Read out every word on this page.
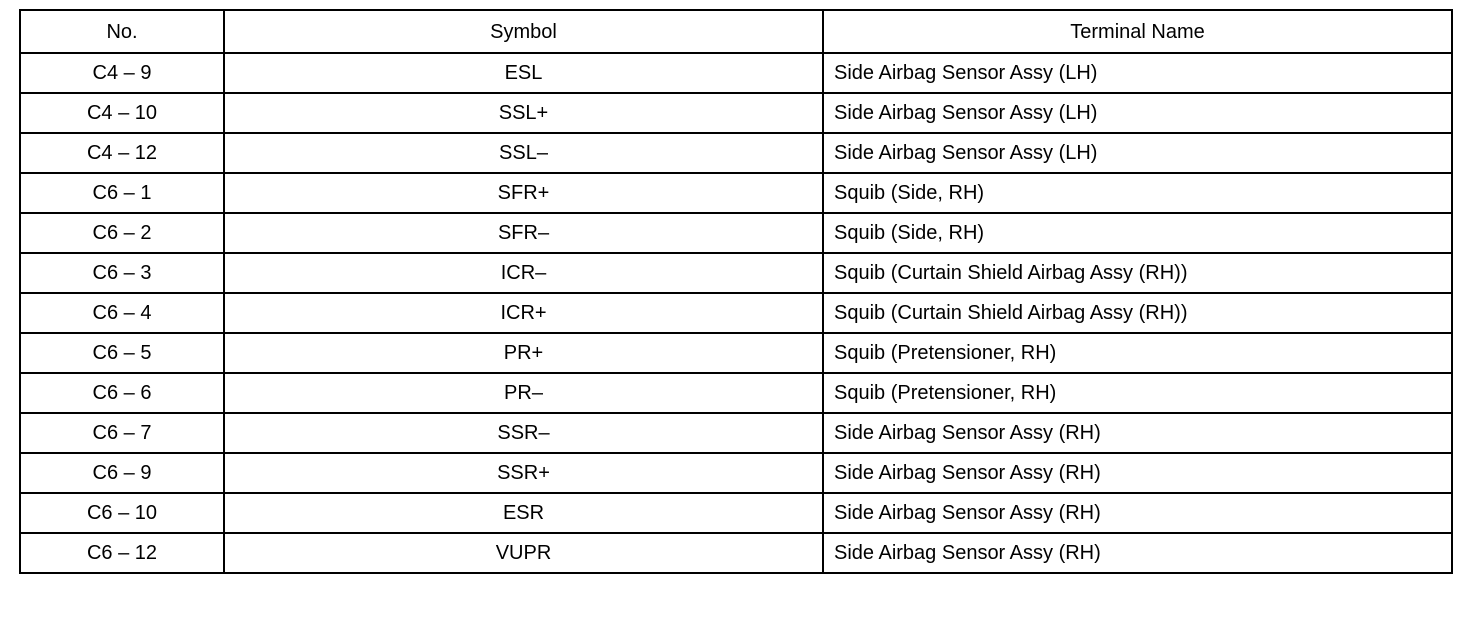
No.	Symbol	Terminal Name
C4 – 9	ESL	Side Airbag Sensor Assy (LH)
C4 – 10	SSL+	Side Airbag Sensor Assy (LH)
C4 – 12	SSL–	Side Airbag Sensor Assy (LH)
C6 – 1	SFR+	Squib (Side, RH)
C6 – 2	SFR–	Squib (Side, RH)
C6 – 3	ICR–	Squib (Curtain Shield Airbag Assy (RH))
C6 – 4	ICR+	Squib (Curtain Shield Airbag Assy (RH))
C6 – 5	PR+	Squib (Pretensioner, RH)
C6 – 6	PR–	Squib (Pretensioner, RH)
C6 – 7	SSR–	Side Airbag Sensor Assy (RH)
C6 – 9	SSR+	Side Airbag Sensor Assy (RH)
C6 – 10	ESR	Side Airbag Sensor Assy (RH)
C6 – 12	VUPR	Side Airbag Sensor Assy (RH)
